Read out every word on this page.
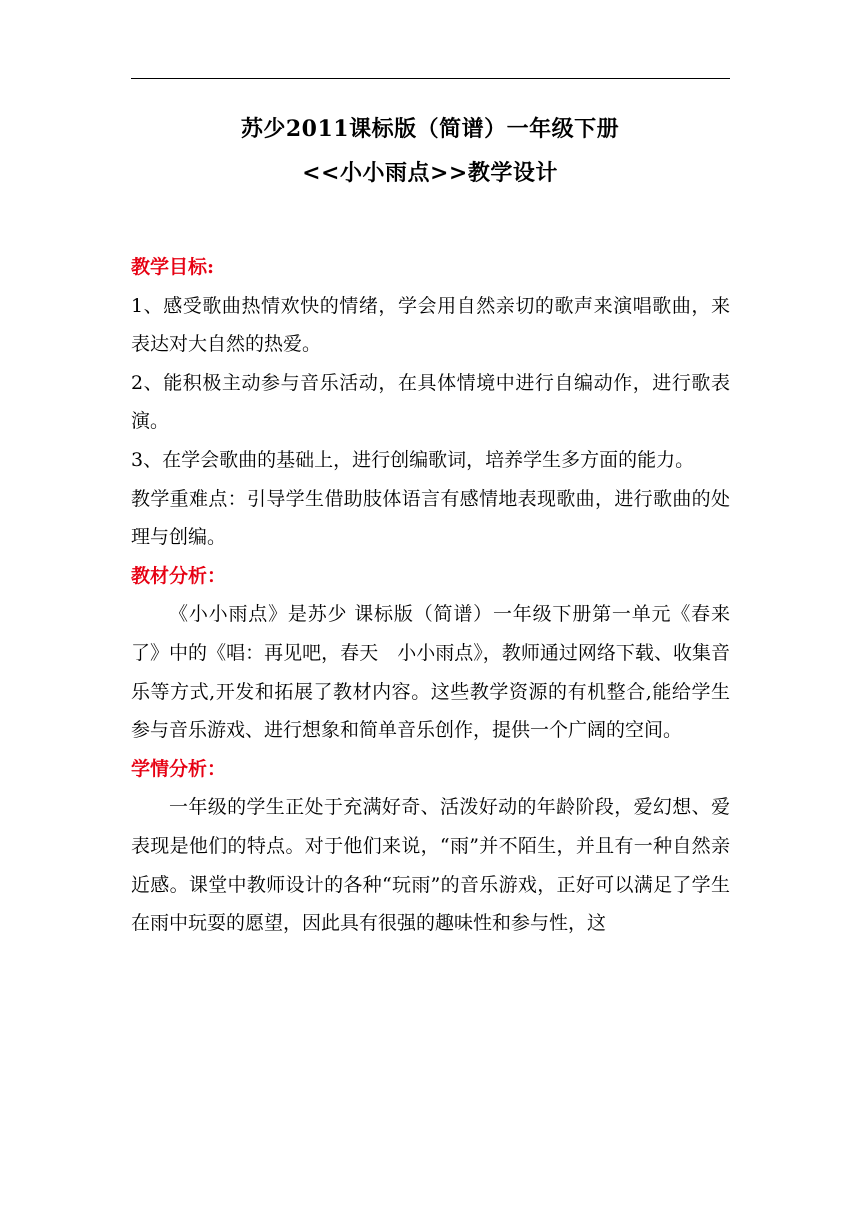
苏少2011课标版（简谱）一年级下册
<<小小雨点>>教学设计

教学目标:

1、感受歌曲热情欢快的情绪，学会用自然亲切的歌声来演唱歌曲，来表达对大自然的热爱。

2、能积极主动参与音乐活动，在具体情境中进行自编动作，进行歌表演。

3、在学会歌曲的基础上，进行创编歌词，培养学生多方面的能力。

教学重难点：引导学生借助肢体语言有感情地表现歌曲，进行歌曲的处理与创编。

教材分析：

《小小雨点》是苏少 课标版（简谱）一年级下册第一单元《春来了》中的《唱：再见吧，春天　小小雨点》，教师通过网络下载、收集音乐等方式,开发和拓展了教材内容。这些教学资源的有机整合,能给学生参与音乐游戏、进行想象和简单音乐创作，提供一个广阔的空间。

学情分析：

一年级的学生正处于充满好奇、活泼好动的年龄阶段，爱幻想、爱表现是他们的特点。对于他们来说，“雨”并不陌生，并且有一种自然亲近感。课堂中教师设计的各种“玩雨”的音乐游戏，正好可以满足了学生在雨中玩耍的愿望，因此具有很强的趣味性和参与性，这
